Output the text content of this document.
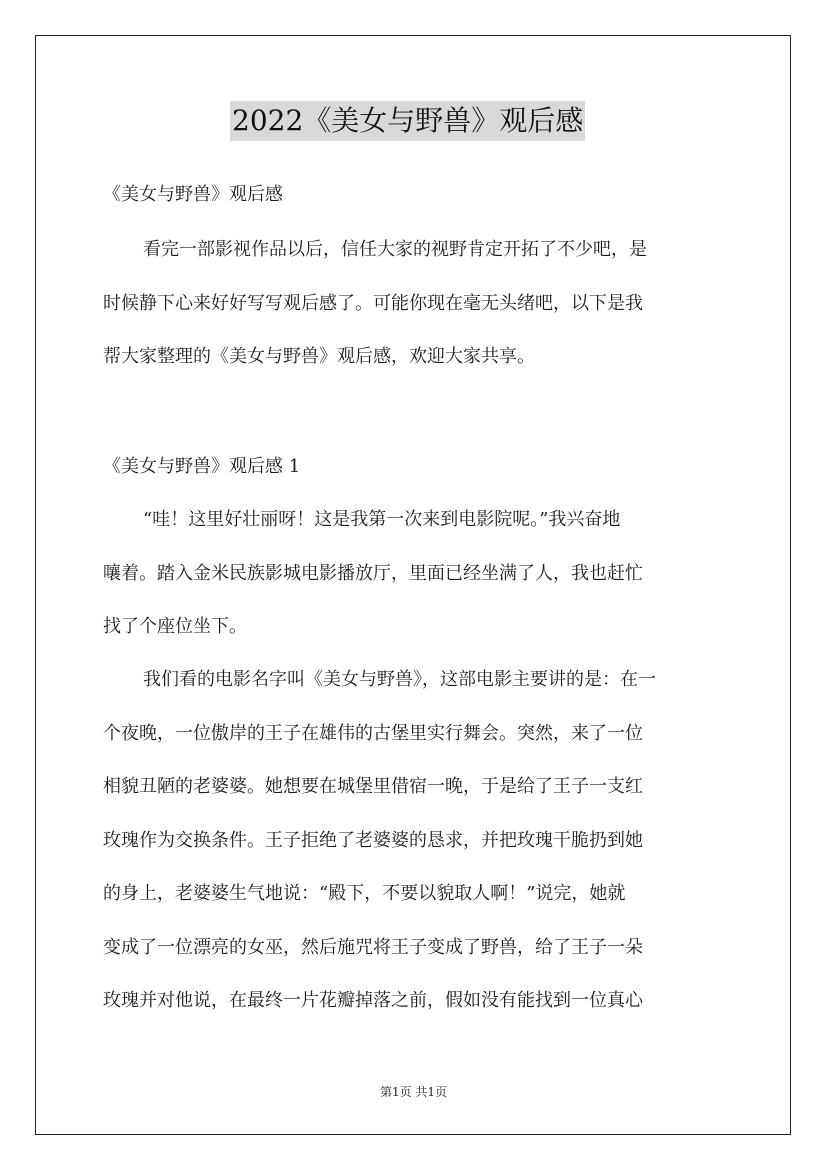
2022《美女与野兽》观后感
《美女与野兽》观后感
看完一部影视作品以后，信任大家的视野肯定开拓了不少吧，是
时候静下心来好好写写观后感了。可能你现在毫无头绪吧，以下是我
帮大家整理的《美女与野兽》观后感，欢迎大家共享。
《美女与野兽》观后感 1
“哇！这里好壮丽呀！这是我第一次来到电影院呢。”我兴奋地
嚷着。踏入金米民族影城电影播放厅，里面已经坐满了人，我也赶忙
找了个座位坐下。
我们看的电影名字叫《美女与野兽》，这部电影主要讲的是：在一
个夜晚，一位傲岸的王子在雄伟的古堡里实行舞会。突然，来了一位
相貌丑陋的老婆婆。她想要在城堡里借宿一晚，于是给了王子一支红
玫瑰作为交换条件。王子拒绝了老婆婆的恳求，并把玫瑰干脆扔到她
的身上，老婆婆生气地说：“殿下，不要以貌取人啊！”说完，她就
变成了一位漂亮的女巫，然后施咒将王子变成了野兽，给了王子一朵
玫瑰并对他说，在最终一片花瓣掉落之前，假如没有能找到一位真心
第1页 共1页
